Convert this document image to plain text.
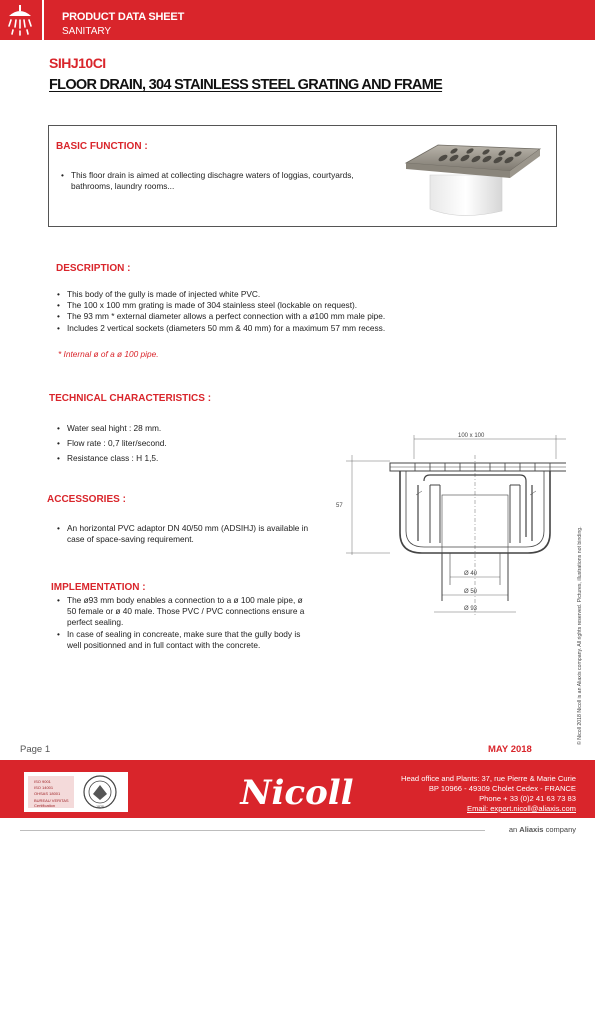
PRODUCT DATA SHEET
SANITARY
SIHJ10CI
FLOOR DRAIN, 304 STAINLESS STEEL GRATING AND FRAME
BASIC FUNCTION :
• This floor drain is aimed at collecting dischagre waters of loggias, courtyards, bathrooms, laundry rooms...
DESCRIPTION :
• This body of the gully is made of injected white PVC.
• The 100 x 100 mm grating is made of 304 stainless steel (lockable on request).
• The 93 mm * external diameter allows a perfect connection with a ø100 mm male pipe.
• Includes 2 vertical sockets (diameters 50 mm & 40 mm) for a maximum 57 mm recess.
* Internal ø of a ø 100 pipe.
TECHNICAL CHARACTERISTICS :
• Water seal hight : 28 mm.
• Flow rate : 0,7 liter/second.
• Resistance class : H 1,5.
ACCESSORIES :
• An horizontal PVC adaptor DN 40/50 mm (ADSIHJ) is available in case of space-saving requirement.
IMPLEMENTATION :
• The ø93 mm body enables a connection to a ø 100 male pipe, ø 50 female or ø 40 male. Those PVC / PVC connections ensure a perfect sealing.
• In case of sealing in concreate, make sure that the gully body is well positionned and in full contact with the concrete.
100 x 100
57
Ø 40
Ø 50
Ø 93	© Nicoll 2018 Nicoll is an Aliaxis company. All rights reserved. Pictures, illustrations not binding.
Page 1	MAY 2018
ISO 9001
ISO 14001
OHSAS 18001
BUREAU VERITAS Certification	1828	Nicoll	Head office and Plants: 37, rue Pierre & Marie Curie
BP 10966 - 49309 Cholet Cedex - FRANCE
Phone + 33 (0)2 41 63 73 83
Email: export.nicoll@aliaxis.com
an Aliaxis company
